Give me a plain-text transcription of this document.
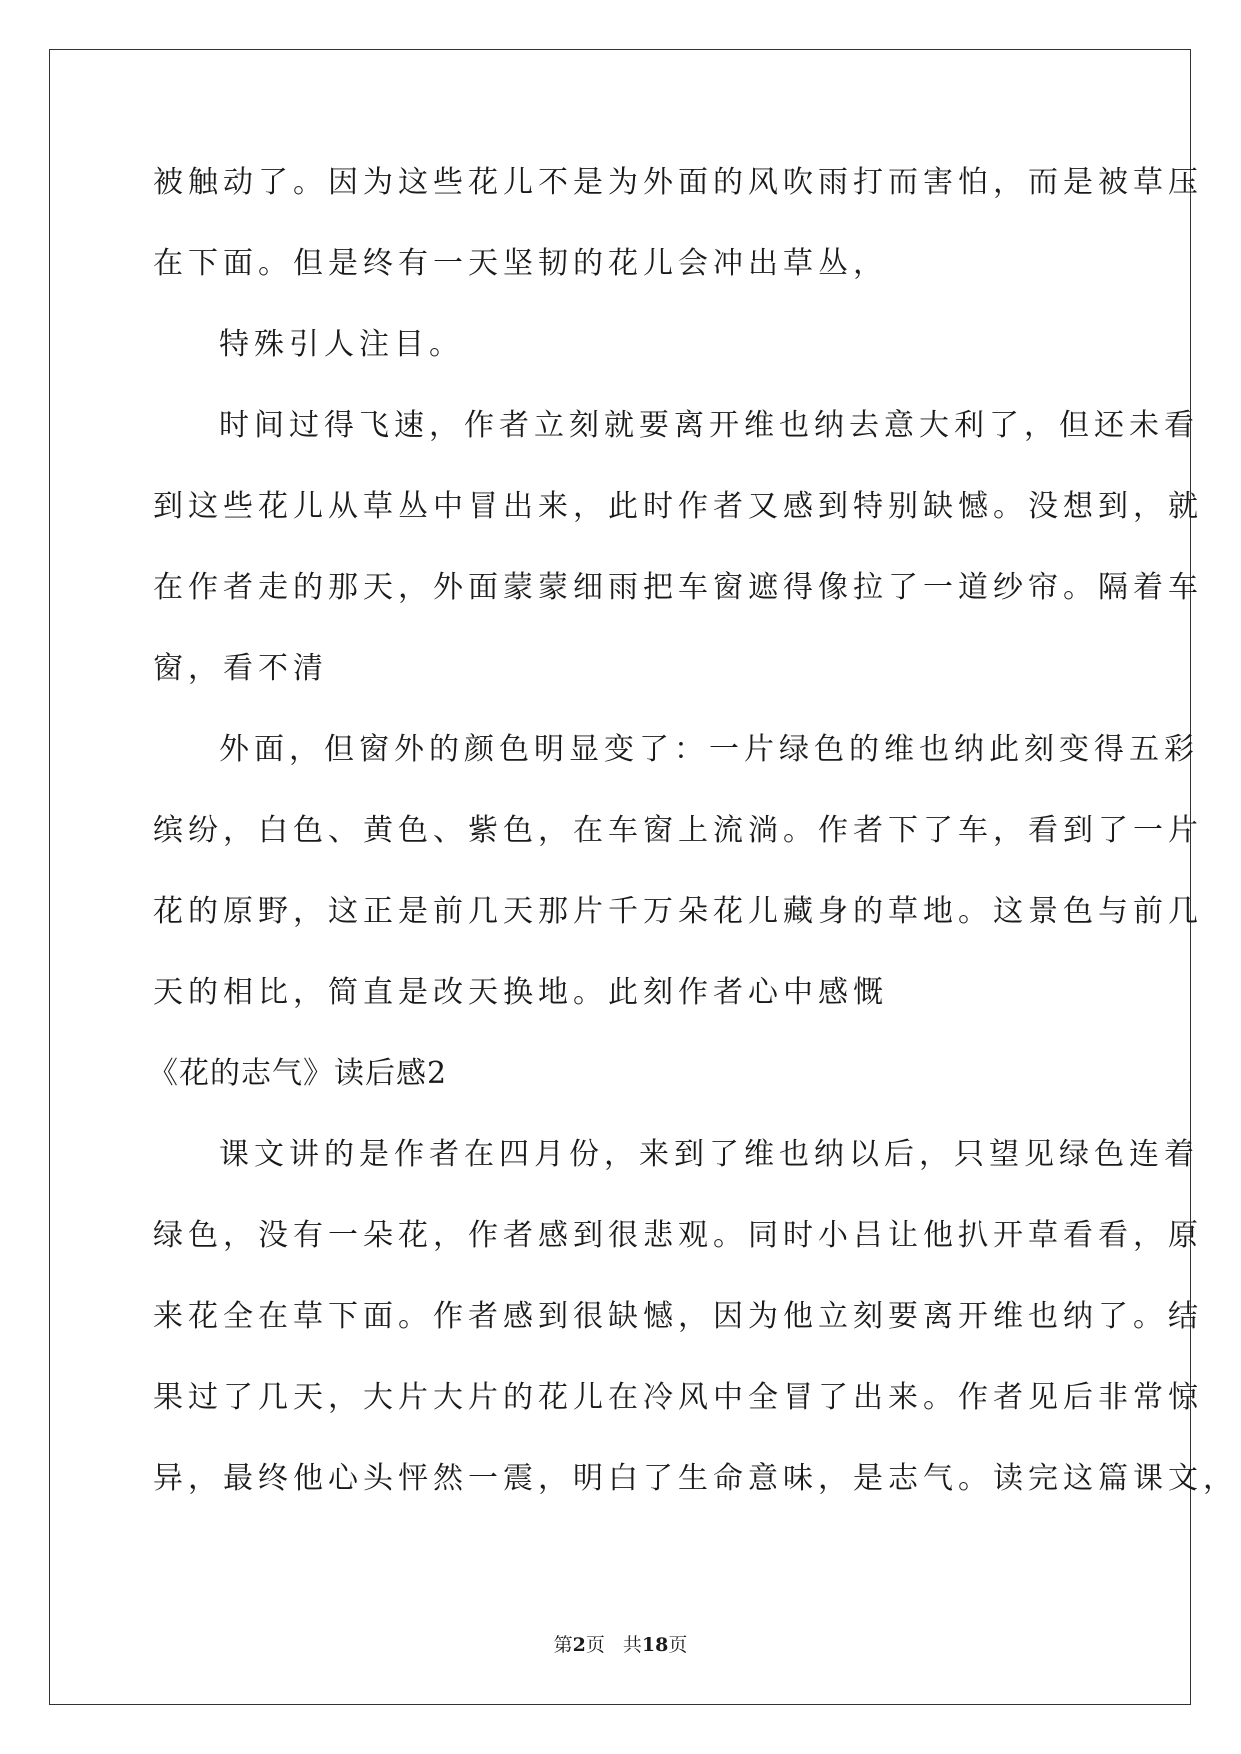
被触动了。因为这些花儿不是为外面的风吹雨打而害怕，而是被草压
在下面。但是终有一天坚韧的花儿会冲出草丛，
特殊引人注目。
时间过得飞速，作者立刻就要离开维也纳去意大利了，但还未看
到这些花儿从草丛中冒出来，此时作者又感到特别缺憾。没想到，就
在作者走的那天，外面蒙蒙细雨把车窗遮得像拉了一道纱帘。隔着车
窗，看不清
外面，但窗外的颜色明显变了：一片绿色的维也纳此刻变得五彩
缤纷，白色、黄色、紫色，在车窗上流淌。作者下了车，看到了一片
花的原野，这正是前几天那片千万朵花儿藏身的草地。这景色与前几
天的相比，简直是改天换地。此刻作者心中感慨
《花的志气》读后感2
课文讲的是作者在四月份，来到了维也纳以后，只望见绿色连着
绿色，没有一朵花，作者感到很悲观。同时小吕让他扒开草看看，原
来花全在草下面。作者感到很缺憾，因为他立刻要离开维也纳了。结
果过了几天，大片大片的花儿在冷风中全冒了出来。作者见后非常惊
异，最终他心头怦然一震，明白了生命意味，是志气。读完这篇课文，
第2页 共18页
